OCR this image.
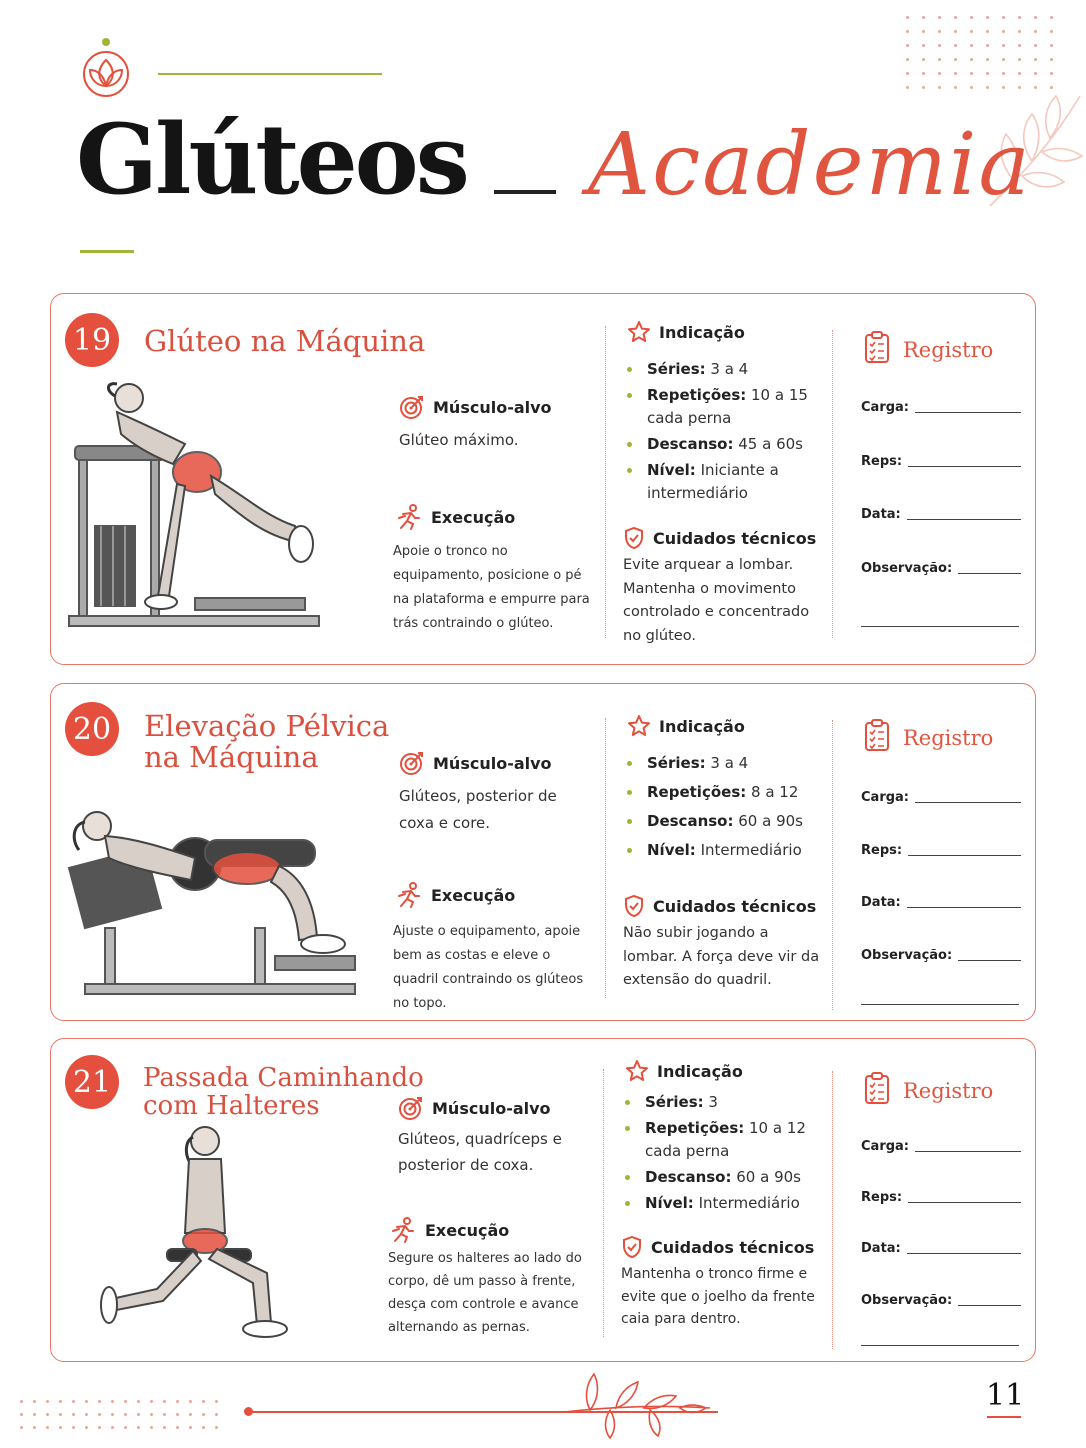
Glúteos Academia
19 Glúteo na Máquina
Músculo-alvo
Glúteo máximo.
Execução
Apoie o tronco no equipamento, posicione o pé na plataforma e empurre para trás contraindo o glúteo.
Indicação
Séries: 3 a 4
Repetições: 10 a 15 cada perna
Descanso: 45 a 60s
Nível: Iniciante a intermediário
Cuidados técnicos
Evite arquear a lombar. Mantenha o movimento controlado e concentrado no glúteo.
Registro
Carga:
Reps:
Data:
Observação:
20 Elevação Pélvica
na Máquina	Músculo-alvo
Glúteos, posterior de coxa e core.
Execução
Ajuste o equipamento, apoie bem as costas e eleve o quadril contraindo os glúteos no topo.
Indicação
Séries: 3 a 4
Repetições: 8 a 12
Descanso: 60 a 90s
Nível: Intermediário
Cuidados técnicos
Não subir jogando a lombar. A força deve vir da extensão do quadril.
Registro
Carga:
Reps:
Data:
Observação:
21	Passada Caminhando
com Halteres	Músculo-alvo
Glúteos, quadríceps e posterior de coxa.
Execução
Segure os halteres ao lado do corpo, dê um passo à frente, desça com controle e avance alternando as pernas.
Indicação
Séries: 3
Repetições: 10 a 12 cada perna
Descanso: 60 a 90s
Nível: Intermediário
Cuidados técnicos
Mantenha o tronco firme e evite que o joelho da frente caia para dentro.
Registro
Carga:
Reps:
Data:
Observação:
11
